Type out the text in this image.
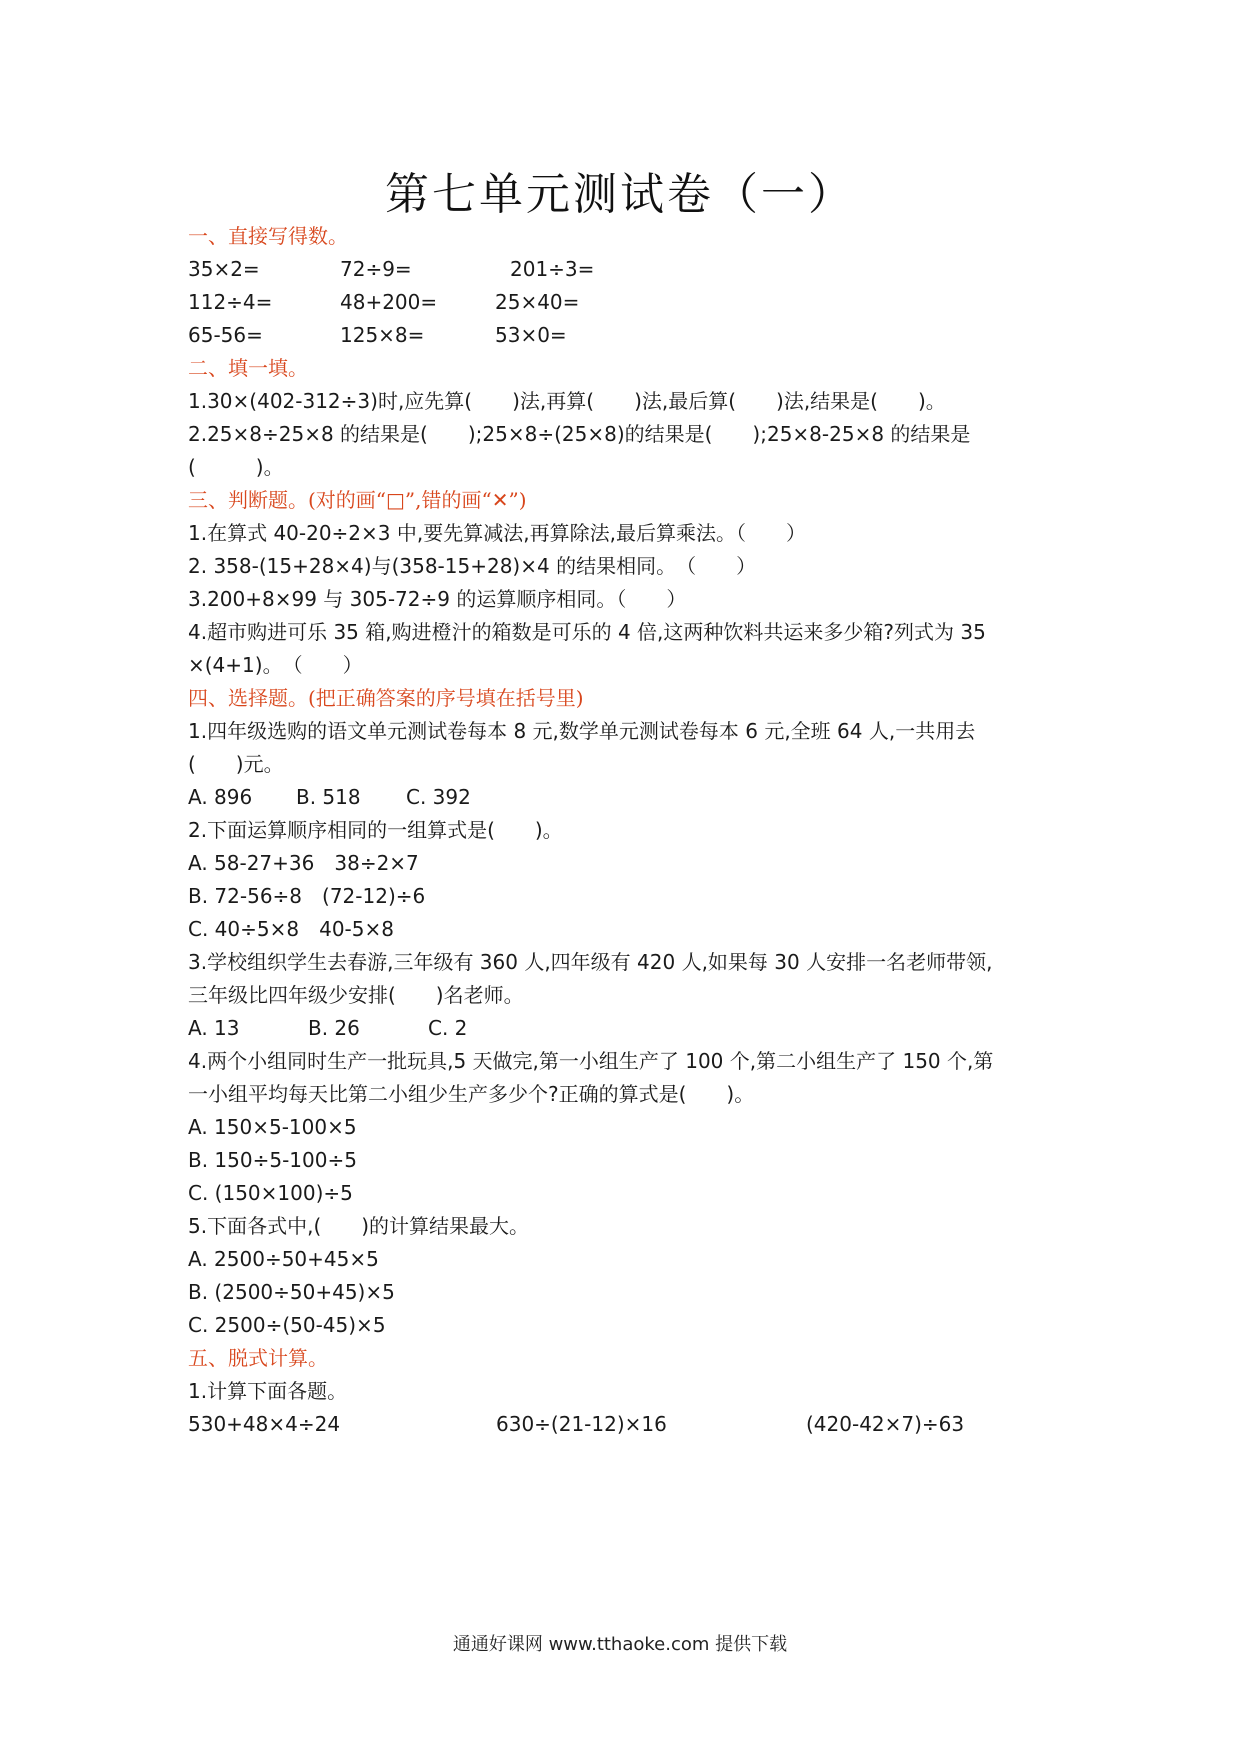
第七单元测试卷（一）
一、直接写得数。
35×2=	72÷9=	201÷3=
112÷4=	48+200=	25×40=
65-56=	125×8=	53×0=
二、填一填。
1.30×(402-312÷3)时,应先算(　　)法,再算(　　)法,最后算(　　)法,结果是(　　)。
2.25×8÷25×8 的结果是(　　);25×8÷(25×8)的结果是(　　);25×8-25×8 的结果是
(　　　)。
三、判断题。(对的画“□”,错的画“✕”)
1.在算式 40-20÷2×3 中,要先算减法,再算除法,最后算乘法。（　　）
2. 358-(15+28×4)与(358-15+28)×4 的结果相同。　（　　）
3.200+8×99 与 305-72÷9 的运算顺序相同。（　　）
4.超市购进可乐 35 箱,购进橙汁的箱数是可乐的 4 倍,这两种饮料共运来多少箱?列式为 35
×(4+1)。　（　　）
四、选择题。(把正确答案的序号填在括号里)
1.四年级选购的语文单元测试卷每本 8 元,数学单元测试卷每本 6 元,全班 64 人,一共用去
(　　)元。
A. 896	B. 518	C. 392
2.下面运算顺序相同的一组算式是(　　)。
A. 58-27+36　38÷2×7
B. 72-56÷8　(72-12)÷6
C. 40÷5×8　40-5×8
3.学校组织学生去春游,三年级有 360 人,四年级有 420 人,如果每 30 人安排一名老师带领,
三年级比四年级少安排(　　)名老师。
A. 13	B. 26	C. 2
4.两个小组同时生产一批玩具,5 天做完,第一小组生产了 100 个,第二小组生产了 150 个,第
一小组平均每天比第二小组少生产多少个?正确的算式是(　　)。
A. 150×5-100×5
B. 150÷5-100÷5
C. (150×100)÷5
5.下面各式中,(　　)的计算结果最大。
A. 2500÷50+45×5
B. (2500÷50+45)×5
C. 2500÷(50-45)×5
五、脱式计算。
1.计算下面各题。
530+48×4÷24	630÷(21-12)×16	(420-42×7)÷63
通通好课网 www.tthaoke.com 提供下载
